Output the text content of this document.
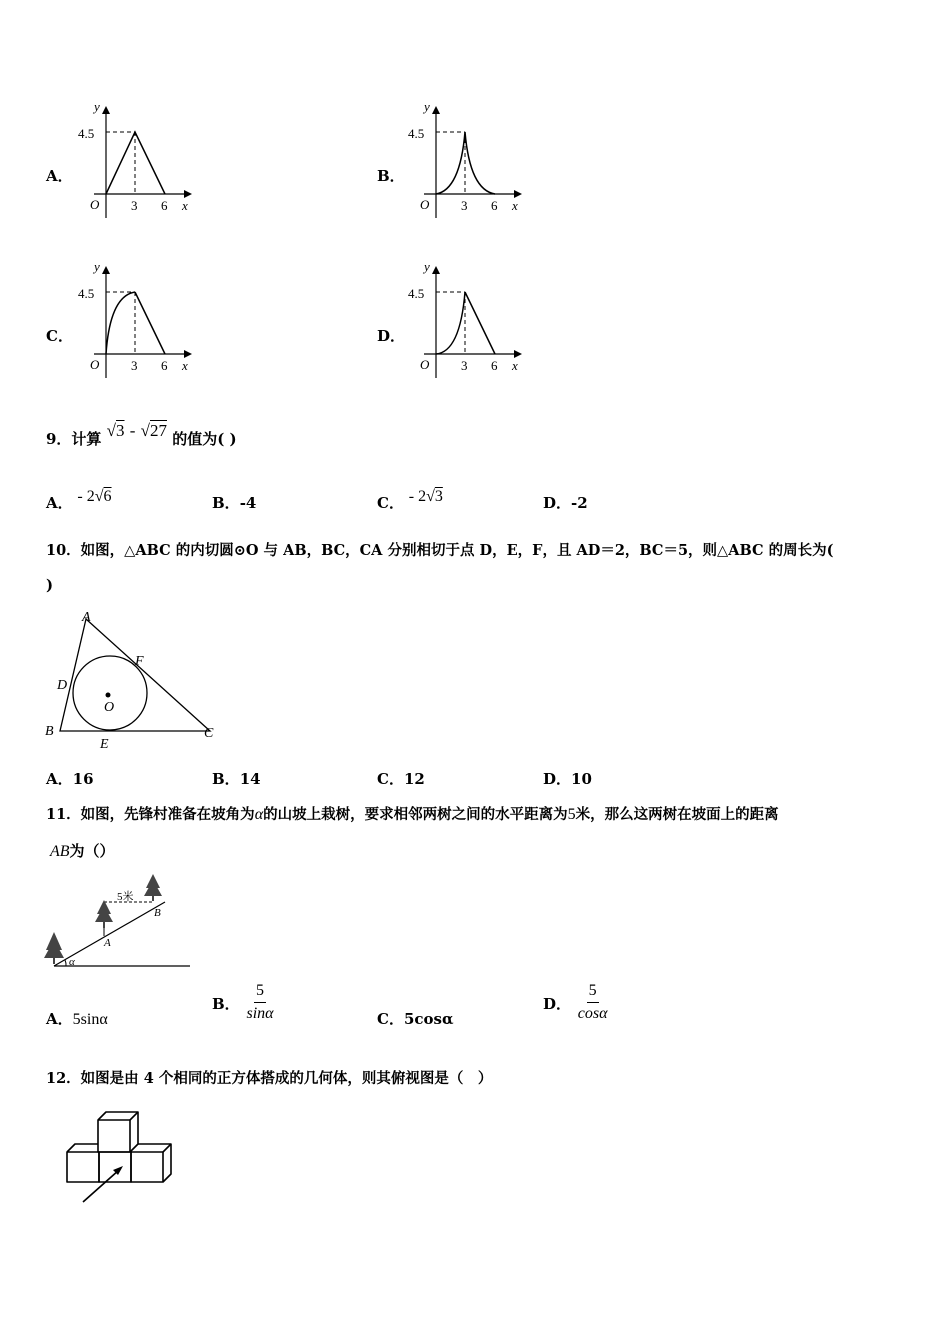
A．
y
4.5
O 3 6 x
B．
y
4.5
O 3 6 x
C．
y
4.5
O 3 6 x
D．
y
4.5
O 3 6 x
9．计算 √3 - √27 的值为( )
A． - 2√6	B．-4	C． - 2√3	D．-2
10．如图，△ABC 的内切圆⊙O 与 AB，BC，CA 分别相切于点 D，E，F，且 AD＝2，BC＝5，则△ABC 的周长为(
)
A
B	C
D
E
F
O
A．16	B．14	C．12	D．10
11．如图，先锋村准备在坡角为α的山坡上栽树，要求相邻两树之间的水平距离为5米，那么这两树在坡面上的距离
AB为（）
5米
A
B
α
A．5sinα
B． $\frac{5}{\sin\alpha}$	C．5cosα
D． $\frac{5}{\cos\alpha}$
12．如图是由 4 个相同的正方体搭成的几何体，则其俯视图是（　）
